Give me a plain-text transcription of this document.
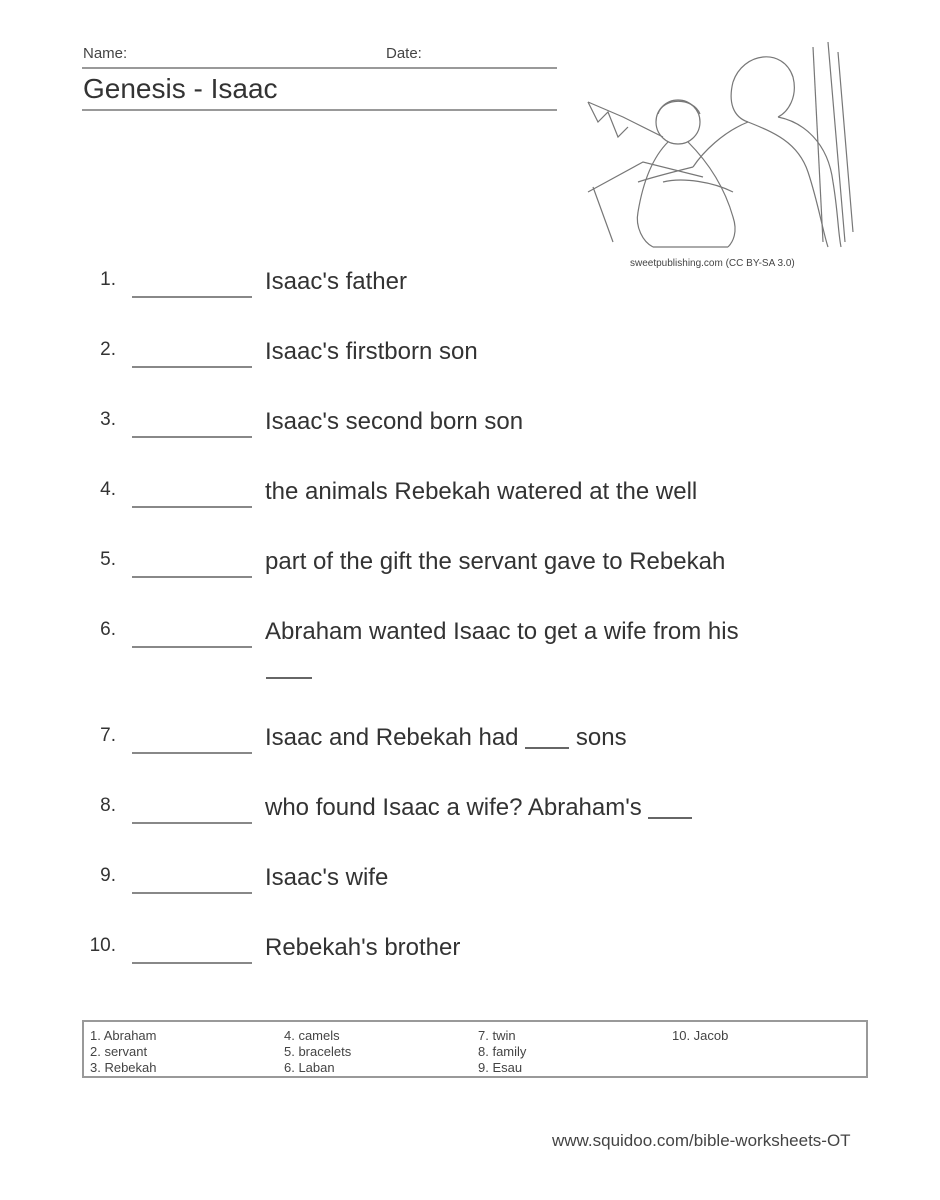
Name:	Date:
Genesis - Isaac
sweetpublishing.com (CC BY-SA 3.0)
1.	Isaac's father
2.	Isaac's firstborn son
3.	Isaac's second born son
4.	the animals Rebekah watered at the well
5.	part of the gift the servant gave to Rebekah
6.	Abraham wanted Isaac to get a wife from his
7.	Isaac and Rebekah had sons
8.	who found Isaac a wife? Abraham's
9.	Isaac's wife
10.	Rebekah's brother
1. Abraham
2. servant
3. Rebekah
4. camels
5. bracelets
6. Laban
7. twin
8. family
9. Esau
10. Jacob
www.squidoo.com/bible-worksheets-OT
